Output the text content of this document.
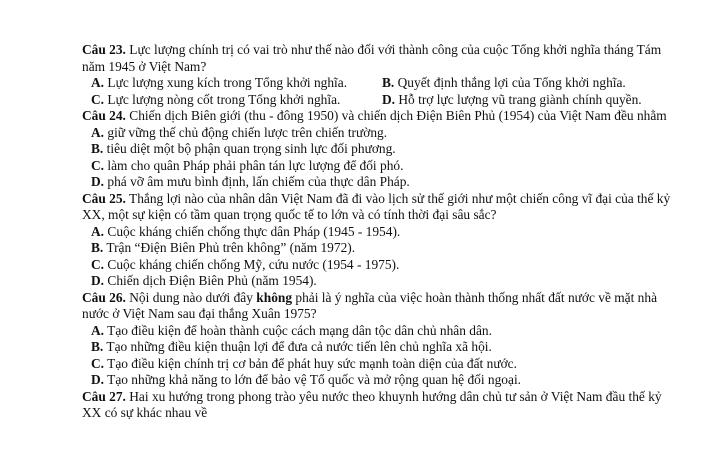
Câu 23. Lực lượng chính trị có vai trò như thế nào đối với thành công của cuộc Tổng khởi nghĩa tháng Tám năm 1945 ở Việt Nam?

A. Lực lượng xung kích trong Tổng khởi nghĩa.	B. Quyết định thắng lợi của Tổng khởi nghĩa.
C. Lực lượng nòng cốt trong Tổng khởi nghĩa.	D. Hỗ trợ lực lượng vũ trang giành chính quyền.

Câu 24. Chiến dịch Biên giới (thu - đông 1950) và chiến dịch Điện Biên Phủ (1954) của Việt Nam đều nhằm

A. giữ vững thế chủ động chiến lược trên chiến trường.

B. tiêu diệt một bộ phận quan trọng sinh lực đối phương.

C. làm cho quân Pháp phải phân tán lực lượng để đối phó.

D. phá vỡ âm mưu bình định, lấn chiếm của thực dân Pháp.

Câu 25. Thắng lợi nào của nhân dân Việt Nam đã đi vào lịch sử thế giới như một chiến công vĩ đại của thế kỷ XX, một sự kiện có tầm quan trọng quốc tế to lớn và có tính thời đại sâu sắc?

A. Cuộc kháng chiến chống thực dân Pháp (1945 - 1954).

B. Trận “Điện Biên Phủ trên không” (năm 1972).

C. Cuộc kháng chiến chống Mỹ, cứu nước (1954 - 1975).

D. Chiến dịch Điện Biên Phủ (năm 1954).

Câu 26. Nội dung nào dưới đây không phải là ý nghĩa của việc hoàn thành thống nhất đất nước về mặt nhà nước ở Việt Nam sau đại thắng Xuân 1975?

A. Tạo điều kiện để hoàn thành cuộc cách mạng dân tộc dân chủ nhân dân.

B. Tạo những điều kiện thuận lợi để đưa cả nước tiến lên chủ nghĩa xã hội.

C. Tạo điều kiện chính trị cơ bản để phát huy sức mạnh toàn diện của đất nước.

D. Tạo những khả năng to lớn để bảo vệ Tổ quốc và mở rộng quan hệ đối ngoại.

Câu 27. Hai xu hướng trong phong trào yêu nước theo khuynh hướng dân chủ tư sản ở Việt Nam đầu thế kỷ XX có sự khác nhau về
